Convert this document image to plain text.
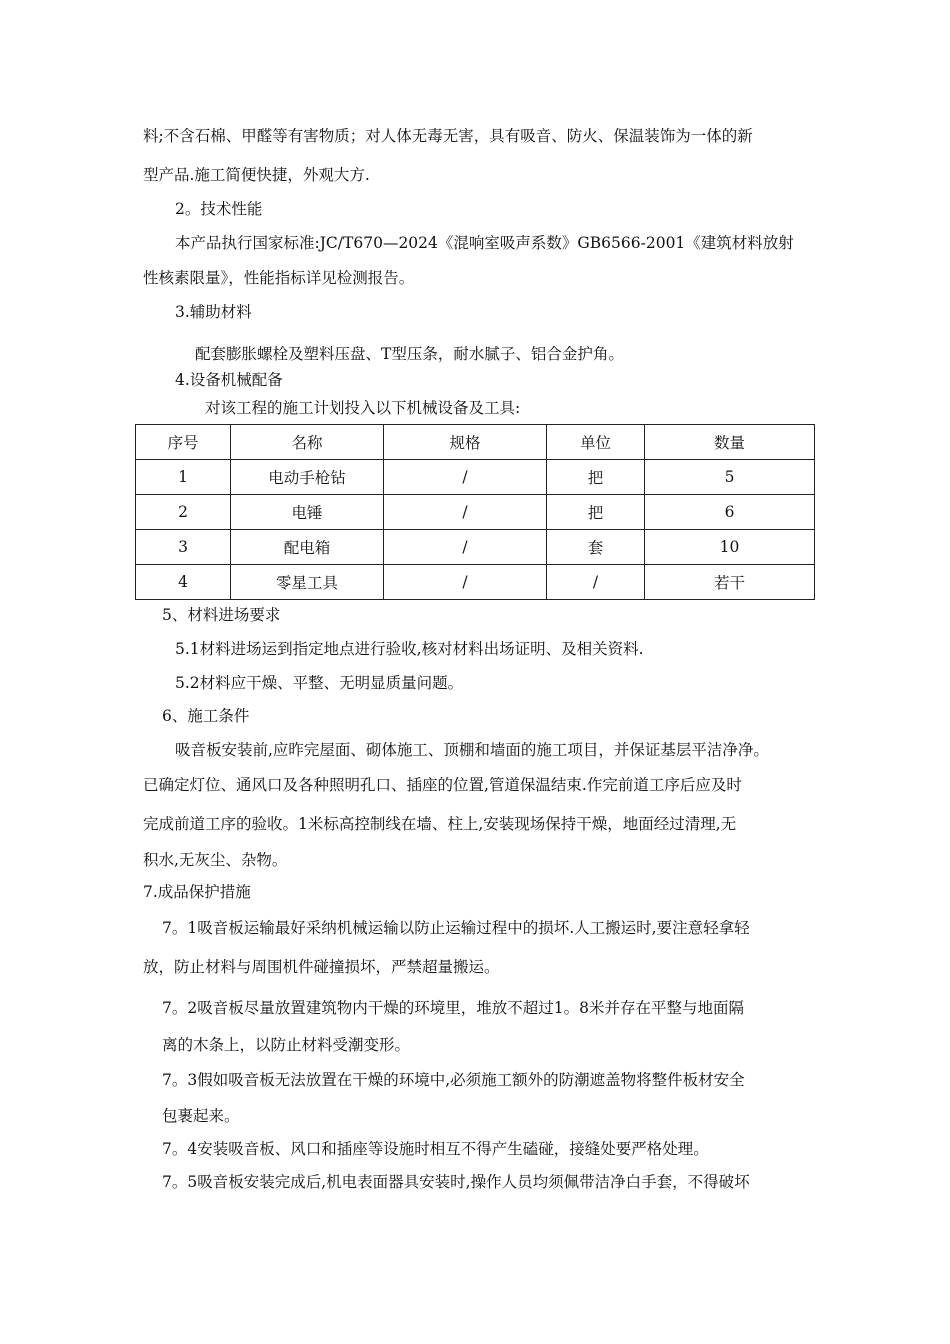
料;不含石棉、甲醛等有害物质；对人体无毒无害，具有吸音、防火、保温装饰为一体的新
型产品.施工简便快捷，外观大方.
2。技术性能
本产品执行国家标准:JC/T670—2024《混响室吸声系数》GB6566-2001《建筑材料放射
性核素限量》，性能指标详见检测报告。
3.辅助材料
配套膨胀螺栓及塑料压盘、T型压条，耐水腻子、铝合金护角。
4.设备机械配备
对该工程的施工计划投入以下机械设备及工具:
序号	名称	规格	单位	数量
1	电动手枪钻	/	把	5
2	电锤	/	把	6
3	配电箱	/	套	10
4	零星工具	/	/	若干
5、材料进场要求
5.1材料进场运到指定地点进行验收,核对材料出场证明、及相关资料.
5.2材料应干燥、平整、无明显质量问题。
6、施工条件
吸音板安装前,应昨完屋面、砌体施工、顶棚和墙面的施工项目，并保证基层平洁净净。
已确定灯位、通风口及各种照明孔口、插座的位置,管道保温结束.作完前道工序后应及时
完成前道工序的验收。1米标高控制线在墙、柱上,安装现场保持干燥，地面经过清理,无
积水,无灰尘、杂物。
7.成品保护措施
7。1吸音板运输最好采纳机械运输以防止运输过程中的损坏.人工搬运时,要注意轻拿轻
放，防止材料与周围机件碰撞损坏，严禁超量搬运。
7。2吸音板尽量放置建筑物内干燥的环境里，堆放不超过1。8米并存在平整与地面隔
离的木条上，以防止材料受潮变形。
7。3假如吸音板无法放置在干燥的环境中,必须施工额外的防潮遮盖物将整件板材安全
包裹起来。
7。4安装吸音板、风口和插座等设施时相互不得产生磕碰，接缝处要严格处理。
7。5吸音板安装完成后,机电表面器具安装时,操作人员均须佩带洁净白手套，不得破坏
